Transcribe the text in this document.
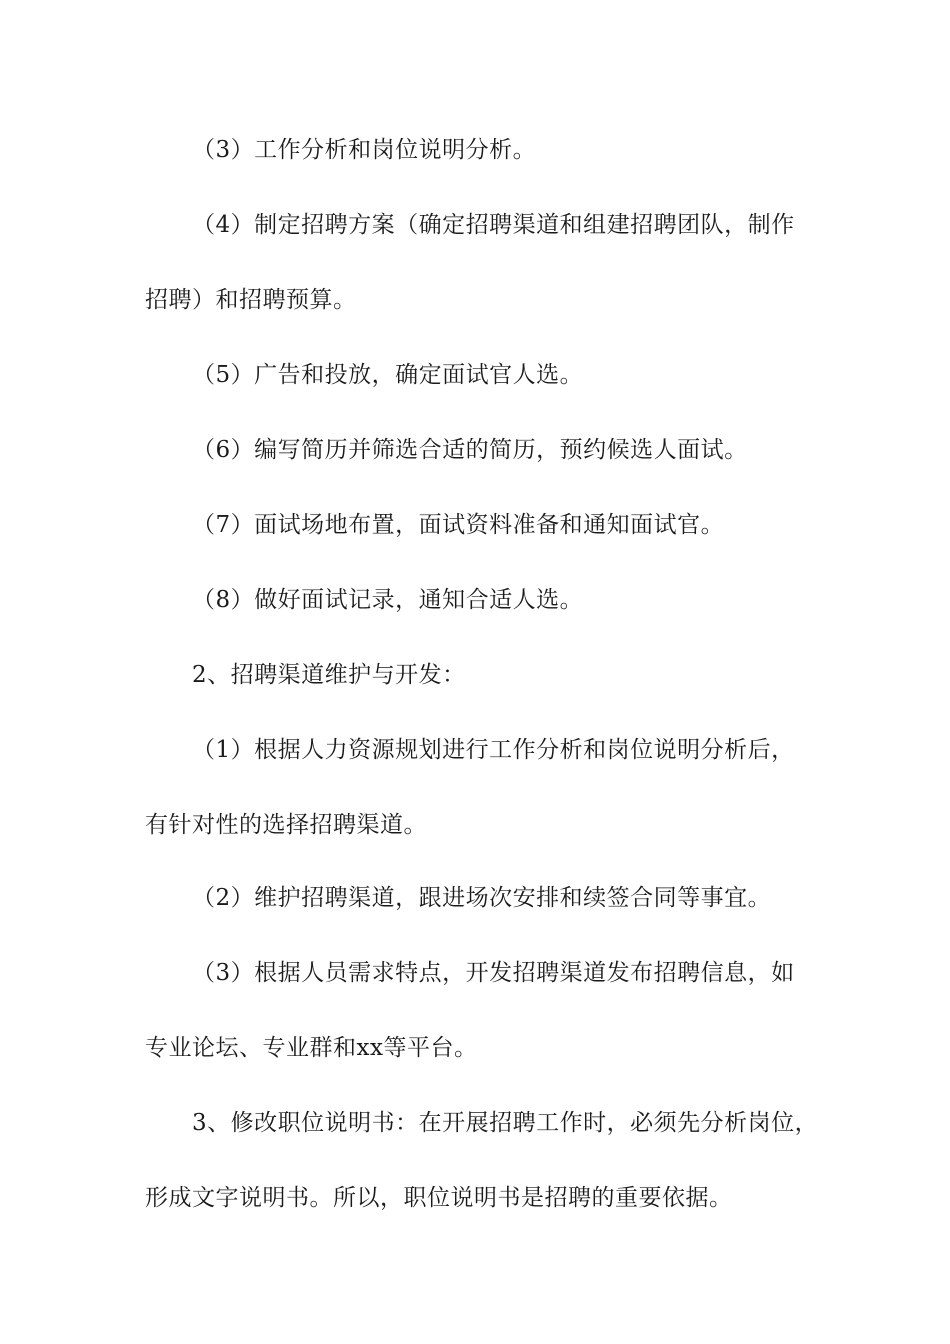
（3）工作分析和岗位说明分析。
（4）制定招聘方案（确定招聘渠道和组建招聘团队，制作
招聘）和招聘预算。
（5）广告和投放，确定面试官人选。
（6）编写简历并筛选合适的简历，预约候选人面试。
（7）面试场地布置，面试资料准备和通知面试官。
（8）做好面试记录，通知合适人选。
2、招聘渠道维护与开发：
（1）根据人力资源规划进行工作分析和岗位说明分析后，
有针对性的选择招聘渠道。
（2）维护招聘渠道，跟进场次安排和续签合同等事宜。
（3）根据人员需求特点，开发招聘渠道发布招聘信息，如
专业论坛、专业群和xx等平台。
3、修改职位说明书：在开展招聘工作时，必须先分析岗位，
形成文字说明书。所以，职位说明书是招聘的重要依据。
